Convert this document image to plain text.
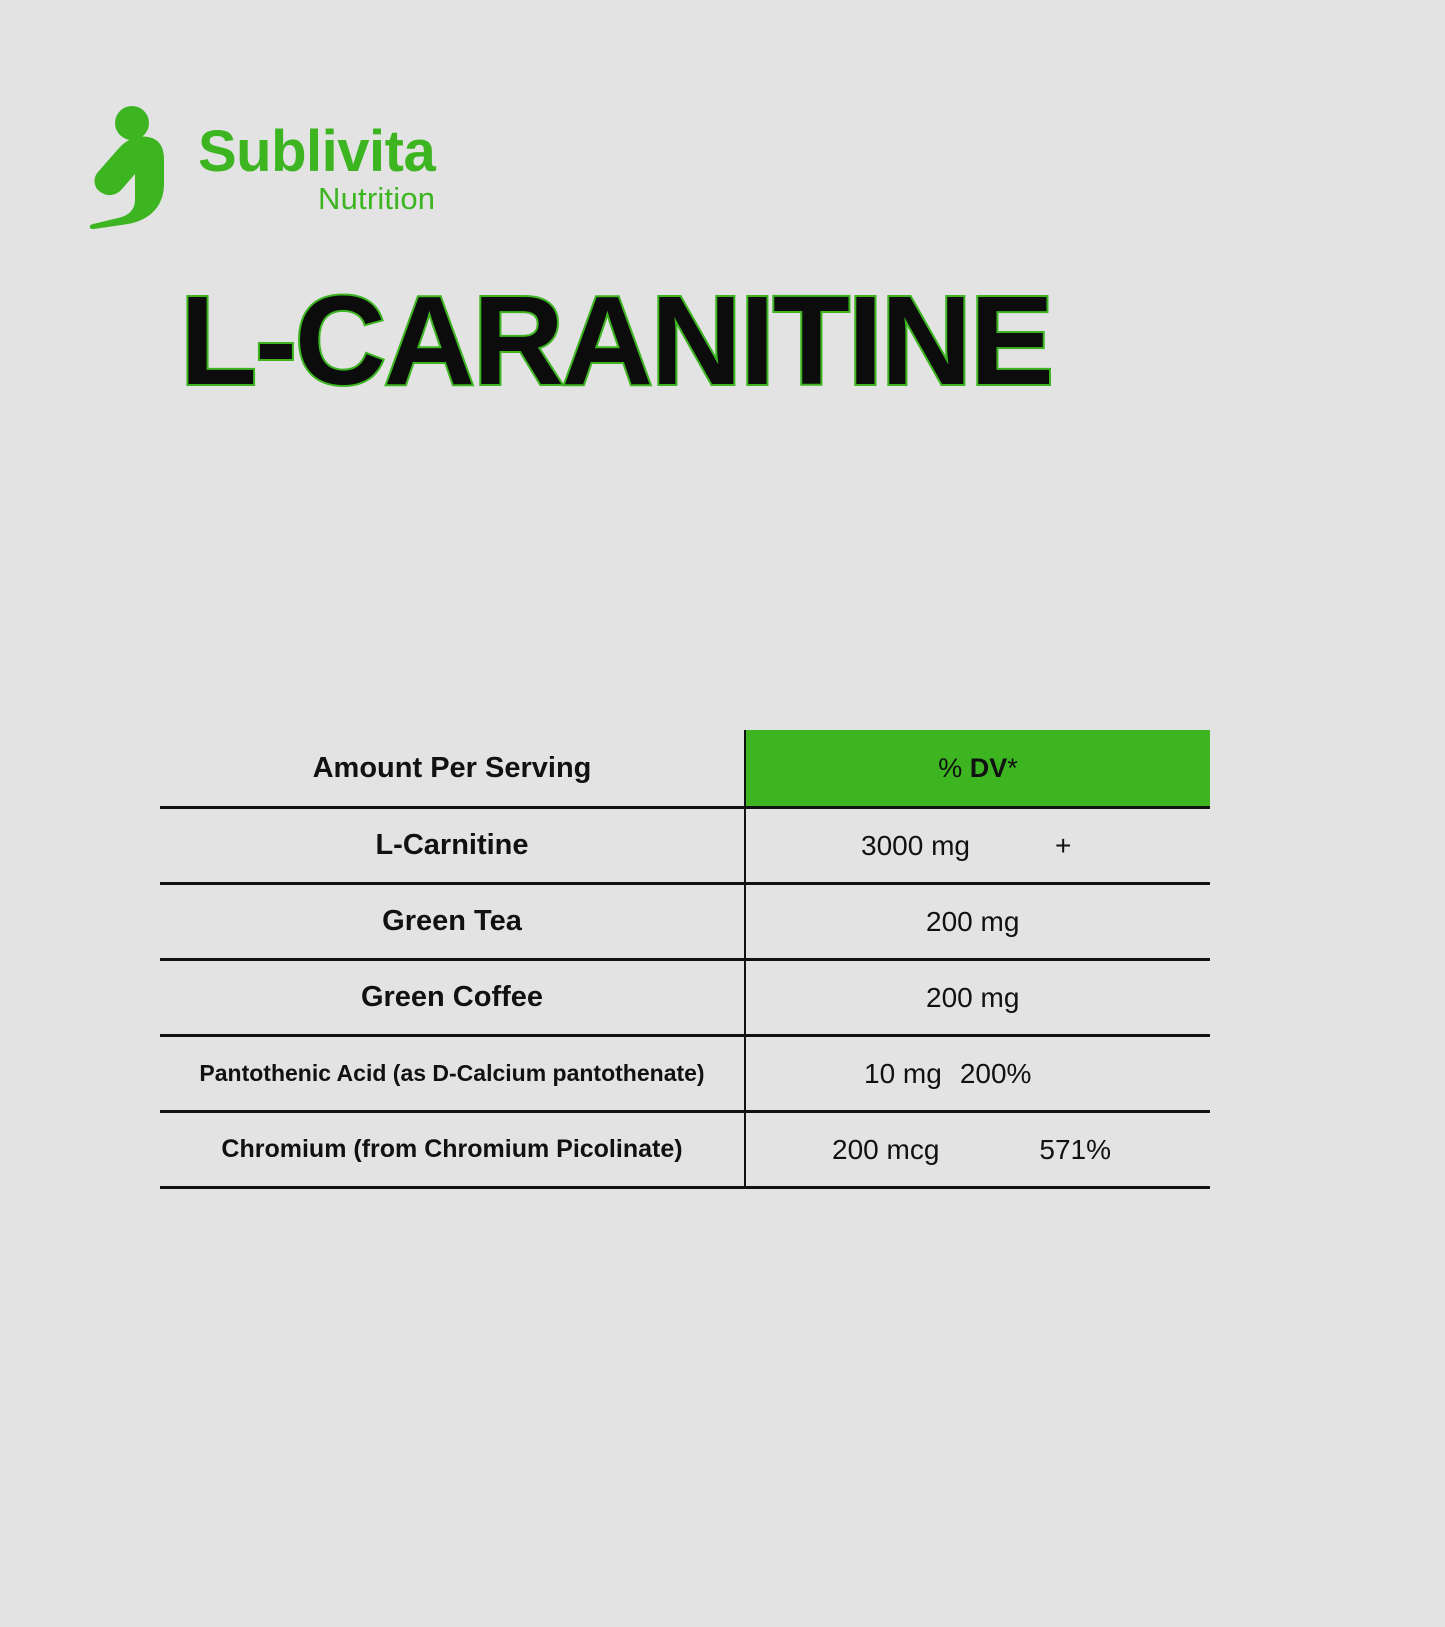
Sublivita
Nutrition
L-CARANITINE
Amount Per Serving	% DV*
L-Carnitine	3000 mg	+
Green Tea	200 mg
Green Coffee	200 mg
Pantothenic Acid (as D-Calcium pantothenate)	10 mg 200%
Chromium (from Chromium Picolinate)	200 mcg	571%
